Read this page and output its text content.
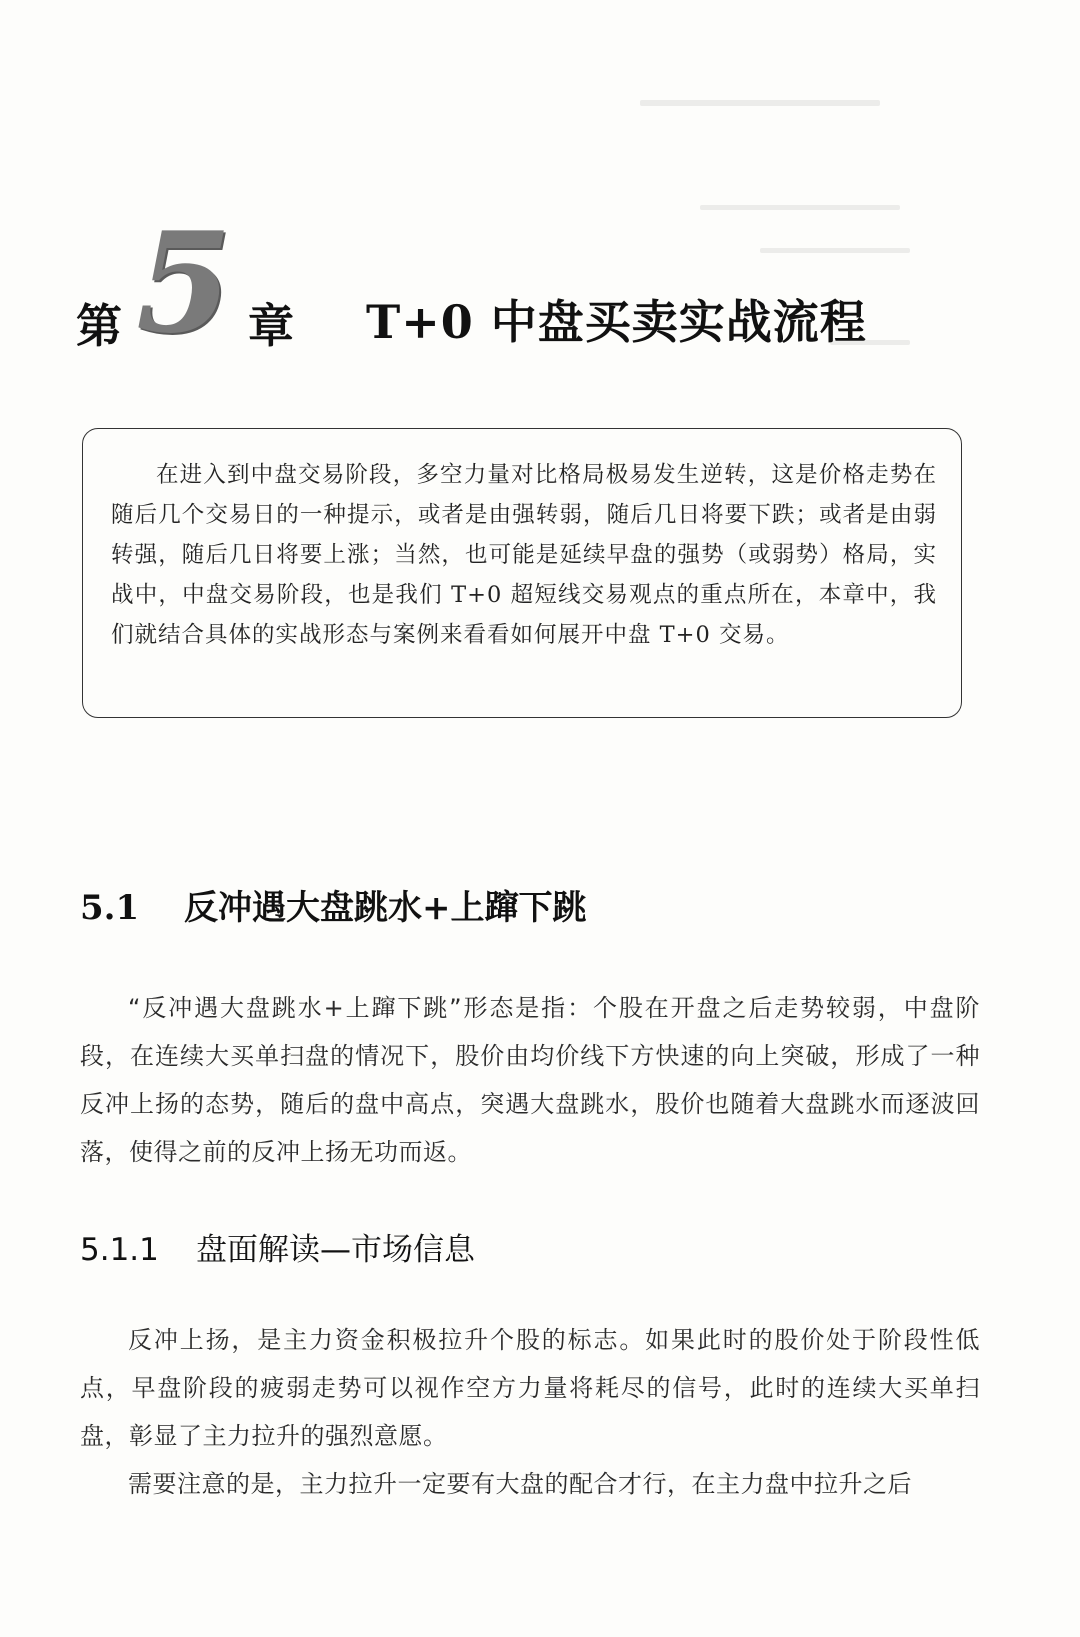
第 5 章 T+0 中盘买卖实战流程

在进入到中盘交易阶段，多空力量对比格局极易发生逆转，这是价格走势在随后几个交易日的一种提示，或者是由强转弱，随后几日将要下跌；或者是由弱转强，随后几日将要上涨；当然，也可能是延续早盘的强势（或弱势）格局，实战中，中盘交易阶段，也是我们 T+0 超短线交易观点的重点所在，本章中，我们就结合具体的实战形态与案例来看看如何展开中盘 T+0 交易。

5.1 反冲遇大盘跳水+上蹿下跳

“反冲遇大盘跳水+上蹿下跳”形态是指：个股在开盘之后走势较弱，中盘阶段，在连续大买单扫盘的情况下，股价由均价线下方快速的向上突破，形成了一种反冲上扬的态势，随后的盘中高点，突遇大盘跳水，股价也随着大盘跳水而逐波回落，使得之前的反冲上扬无功而返。

5.1.1 盘面解读—市场信息

反冲上扬，是主力资金积极拉升个股的标志。如果此时的股价处于阶段性低点，早盘阶段的疲弱走势可以视作空方力量将耗尽的信号，此时的连续大买单扫盘，彰显了主力拉升的强烈意愿。

需要注意的是，主力拉升一定要有大盘的配合才行，在主力盘中拉升之后
